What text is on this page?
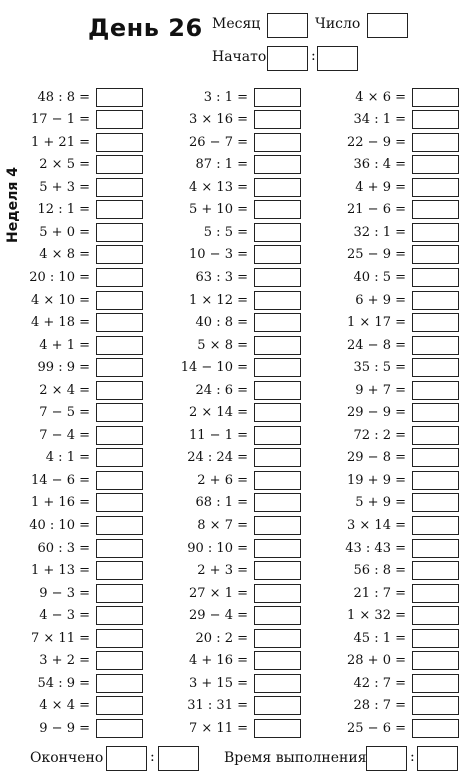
День 26 Месяц	Число
Начато	:
Неделя 4
48 : 8 =
17 − 1 =
1 + 21 =
2 × 5 =
5 + 3 =
12 : 1 =
5 + 0 =
4 × 8 =
20 : 10 =
4 × 10 =
4 + 18 =
4 + 1 =
99 : 9 =
2 × 4 =
7 − 5 =
7 − 4 =
4 : 1 =
14 − 6 =
1 + 16 =
40 : 10 =
60 : 3 =
1 + 13 =
9 − 3 =
4 − 3 =
7 × 11 =
3 + 2 =
54 : 9 =
4 × 4 =
9 − 9 =
3 : 1 =
3 × 16 =
26 − 7 =
87 : 1 =
4 × 13 =
5 + 10 =
5 : 5 =
10 − 3 =
63 : 3 =
1 × 12 =
40 : 8 =
5 × 8 =
14 − 10 =
24 : 6 =
2 × 14 =
11 − 1 =
24 : 24 =
2 + 6 =
68 : 1 =
8 × 7 =
90 : 10 =
2 + 3 =
27 × 1 =
29 − 4 =
20 : 2 =
4 + 16 =
3 + 15 =
31 : 31 =
7 × 11 =
4 × 6 =
34 : 1 =
22 − 9 =
36 : 4 =
4 + 9 =
21 − 6 =
32 : 1 =
25 − 9 =
40 : 5 =
6 + 9 =
1 × 17 =
24 − 8 =
35 : 5 =
9 + 7 =
29 − 9 =
72 : 2 =
29 − 8 =
19 + 9 =
5 + 9 =
3 × 14 =
43 : 43 =
56 : 8 =
21 : 7 =
1 × 32 =
45 : 1 =
28 + 0 =
42 : 7 =
28 : 7 =
25 − 6 =
Окончено	:	Время выполнения	:
